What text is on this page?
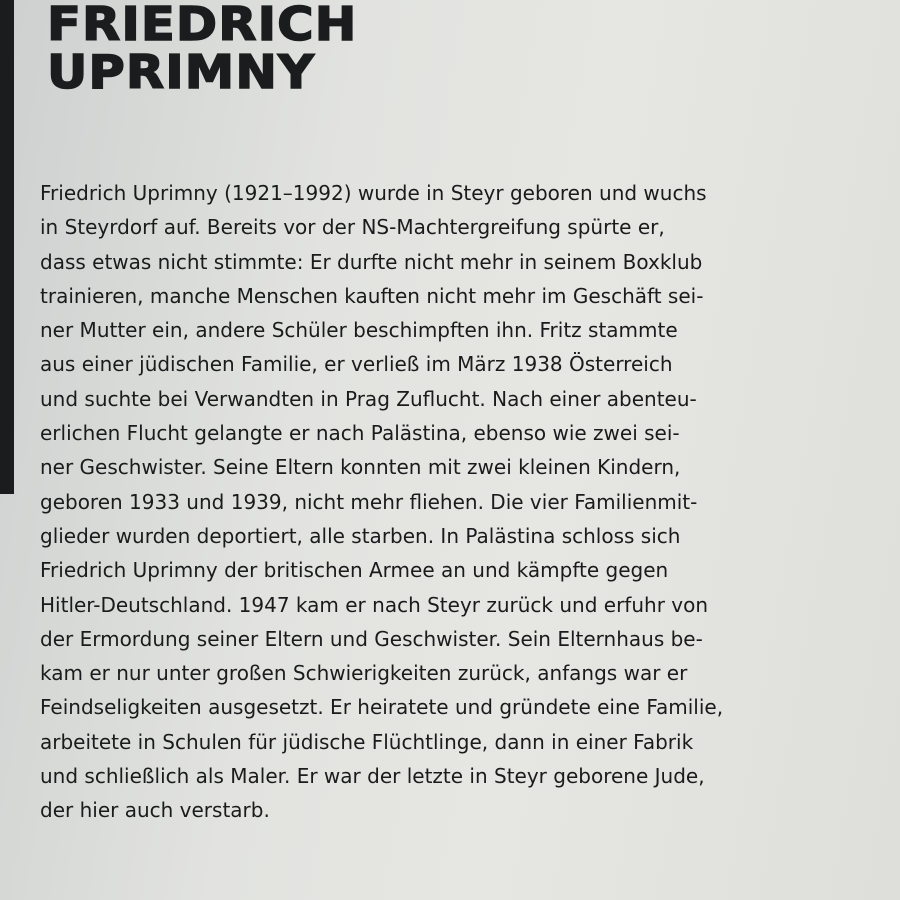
FRIEDRICH
UPRIMNY

Friedrich Uprimny (1921–1992) wurde in Steyr geboren und wuchs
in Steyrdorf auf. Bereits vor der NS-Machtergreifung spürte er,
dass etwas nicht stimmte: Er durfte nicht mehr in seinem Boxklub
trainieren, manche Menschen kauften nicht mehr im Geschäft sei-
ner Mutter ein, andere Schüler beschimpften ihn. Fritz stammte
aus einer jüdischen Familie, er verließ im März 1938 Österreich
und suchte bei Verwandten in Prag Zuflucht. Nach einer abenteu-
erlichen Flucht gelangte er nach Palästina, ebenso wie zwei sei-
ner Geschwister. Seine Eltern konnten mit zwei kleinen Kindern,
geboren 1933 und 1939, nicht mehr fliehen. Die vier Familienmit-
glieder wurden deportiert, alle starben. In Palästina schloss sich
Friedrich Uprimny der britischen Armee an und kämpfte gegen
Hitler-Deutschland. 1947 kam er nach Steyr zurück und erfuhr von
der Ermordung seiner Eltern und Geschwister. Sein Elternhaus be-
kam er nur unter großen Schwierigkeiten zurück, anfangs war er
Feindseligkeiten ausgesetzt. Er heiratete und gründete eine Familie,
arbeitete in Schulen für jüdische Flüchtlinge, dann in einer Fabrik
und schließlich als Maler. Er war der letzte in Steyr geborene Jude,
der hier auch verstarb.
